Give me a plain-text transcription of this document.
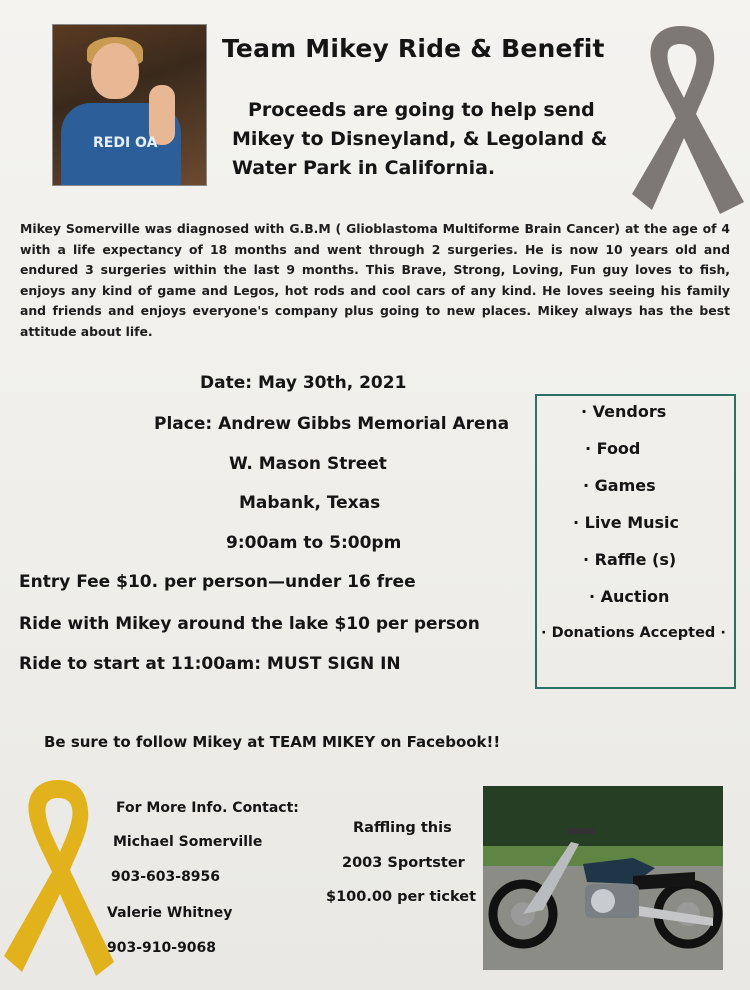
REDI OA
Team Mikey Ride & Benefit
Proceeds are going to help send
Mikey to Disneyland, & Legoland &
Water Park in California.
Mikey Somerville was diagnosed with G.B.M ( Glioblastoma Multiforme Brain Cancer) at the age of 4 with a life expectancy of 18 months and went through 2 surgeries. He is now 10 years old and endured 3 surgeries within the last 9 months. This Brave, Strong, Loving, Fun guy loves to fish, enjoys any kind of game and Legos, hot rods and cool cars of any kind. He loves seeing his family and friends and enjoys everyone's company plus going to new places. Mikey always has the best attitude about life.
Date: May 30th, 2021
Place: Andrew Gibbs Memorial Arena
W. Mason Street
Mabank, Texas
9:00am to 5:00pm
Entry Fee $10. per person—under 16 free
Ride with Mikey around the lake $10 per person
Ride to start at 11:00am: MUST SIGN IN
· Vendors
· Food
· Games
· Live Music
· Raffle (s)
· Auction
· Donations Accepted ·
Be sure to follow Mikey at TEAM MIKEY on Facebook!!
For More Info. Contact:
Michael Somerville
903-603-8956
Valerie Whitney
903-910-9068
Raffling this
2003 Sportster
$100.00 per ticket
